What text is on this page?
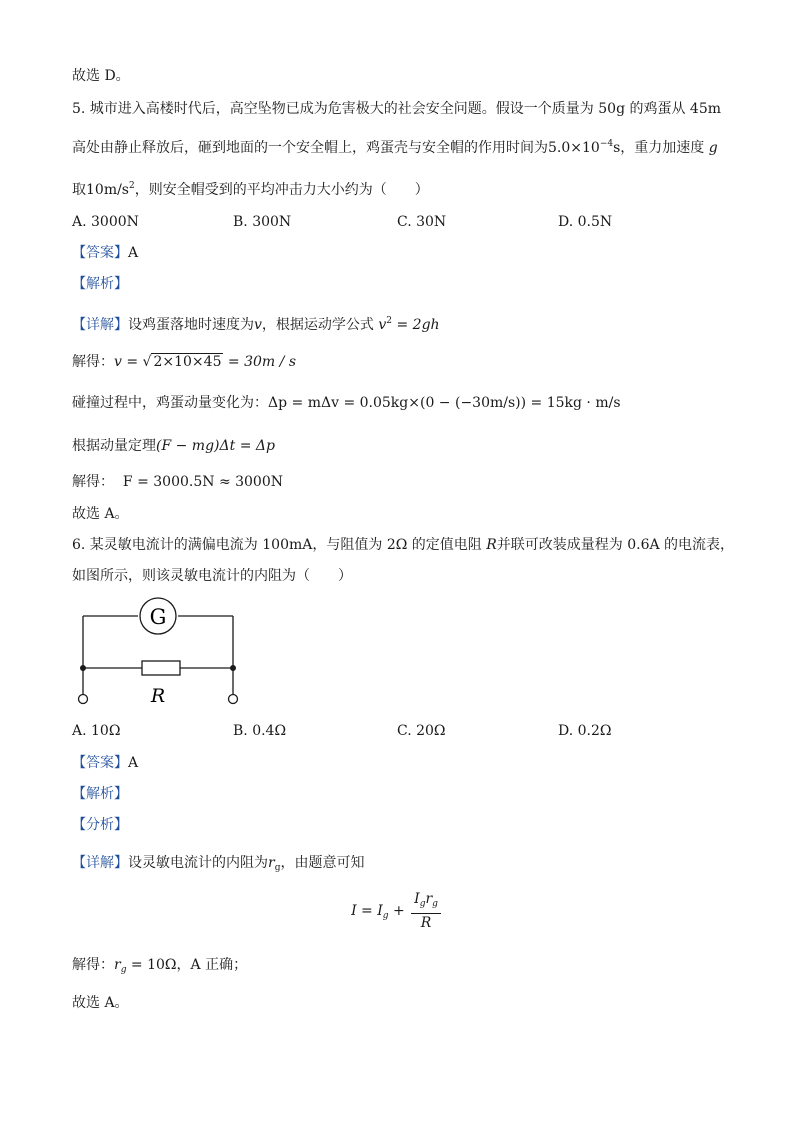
故选 D。
5. 城市进入高楼时代后，高空坠物已成为危害极大的社会安全问题。假设一个质量为 50g 的鸡蛋从 45m
高处由静止释放后，砸到地面的一个安全帽上，鸡蛋壳与安全帽的作用时间为$5.0\times 10^{-4}s$，重力加速度 g
取$10m/s^2$，则安全帽受到的平均冲击力大小约为（　　）
A. 3000N	B. 300N	C. 30N	D. 0.5N
【答案】A
【解析】
【详解】设鸡蛋落地时速度为v，根据运动学公式 $v^2 = 2gh$
解得：v = √ 2×10×45 = 30m / s
碰撞过程中，鸡蛋动量变化为：Δp = mΔv = 0.05kg×(0 − (−30m/s)) = 15kg · m/s
根据动量定理(F − mg)Δt = Δp
解得： F = 3000.5N ≈ 3000N
故选 A。
6. 某灵敏电流计的满偏电流为 100mA，与阻值为 2Ω 的定值电阻 R并联可改装成量程为 0.6A 的电流表，
如图所示，则该灵敏电流计的内阻为（　　）
G
R
A. 10Ω	B. 0.4Ω	C. 20Ω	D. 0.2Ω
【答案】A
【解析】
【分析】
【详解】设灵敏电流计的内阻为$r_g$，由题意可知
$I = I_g + \frac{I_gr_g}{R}$
解得：$r_g = 10\Omega$，A 正确；
故选 A。
